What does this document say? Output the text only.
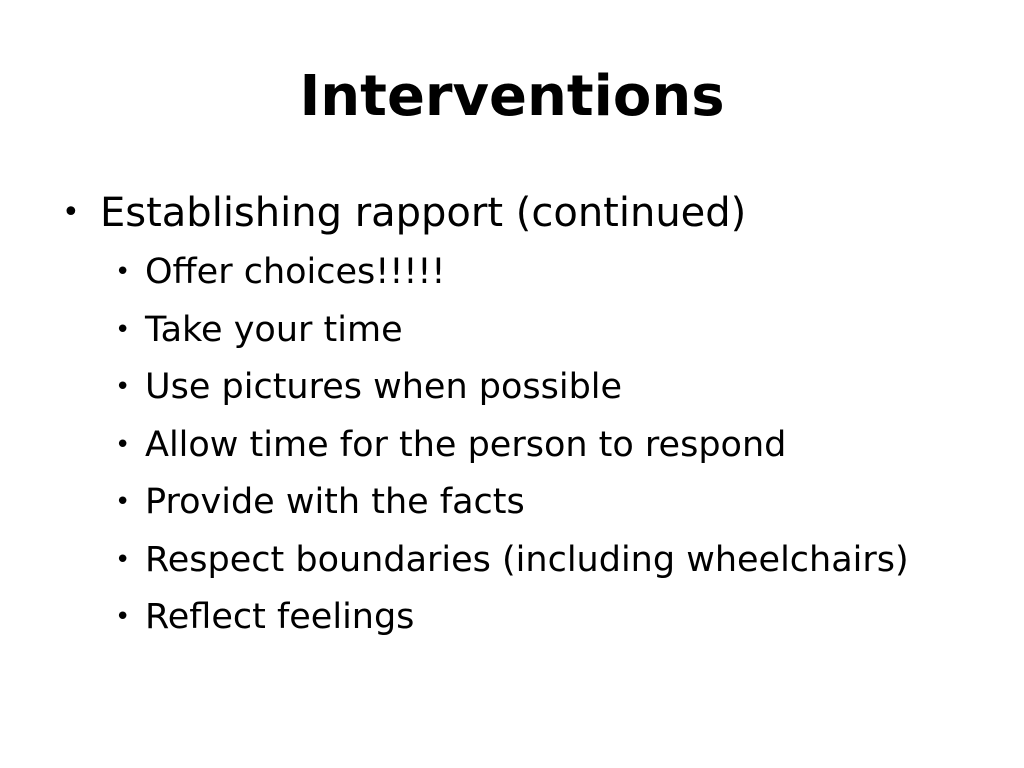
Interventions
• Establishing rapport (continued)
• Offer choices!!!!!
• Take your time
• Use pictures when possible
• Allow time for the person to respond
• Provide with the facts
• Respect boundaries (including wheelchairs)
• Reflect feelings
